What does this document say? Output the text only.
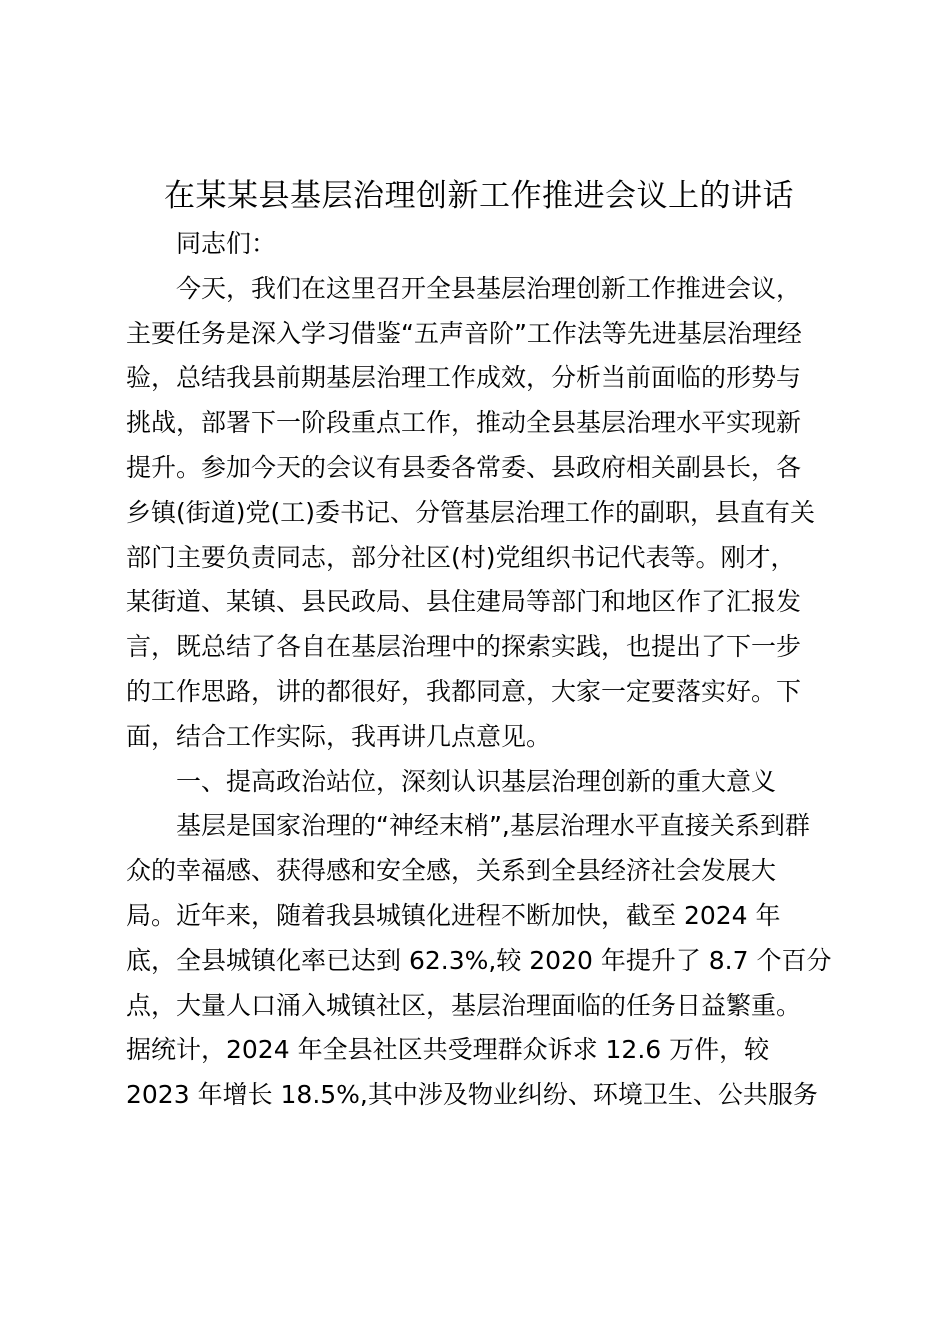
在某某县基层治理创新工作推进会议上的讲话

同志们：

今天，我们在这里召开全县基层治理创新工作推进会议，
主要任务是深入学习借鉴“五声音阶”工作法等先进基层治理经
验，总结我县前期基层治理工作成效，分析当前面临的形势与
挑战，部署下一阶段重点工作，推动全县基层治理水平实现新
提升。参加今天的会议有县委各常委、县政府相关副县长，各
乡镇(街道)党(工)委书记、分管基层治理工作的副职，县直有关
部门主要负责同志，部分社区(村)党组织书记代表等。刚才，
某街道、某镇、县民政局、县住建局等部门和地区作了汇报发
言，既总结了各自在基层治理中的探索实践，也提出了下一步
的工作思路，讲的都很好，我都同意，大家一定要落实好。下
面，结合工作实际，我再讲几点意见。

一、提高政治站位，深刻认识基层治理创新的重大意义

基层是国家治理的“神经末梢”,基层治理水平直接关系到群
众的幸福感、获得感和安全感，关系到全县经济社会发展大
局。近年来，随着我县城镇化进程不断加快，截至 2024 年
底，全县城镇化率已达到 62.3%,较 2020 年提升了 8.7 个百分
点，大量人口涌入城镇社区，基层治理面临的任务日益繁重。
据统计，2024 年全县社区共受理群众诉求 12.6 万件，较
2023 年增长 18.5%,其中涉及物业纠纷、环境卫生、公共服务
